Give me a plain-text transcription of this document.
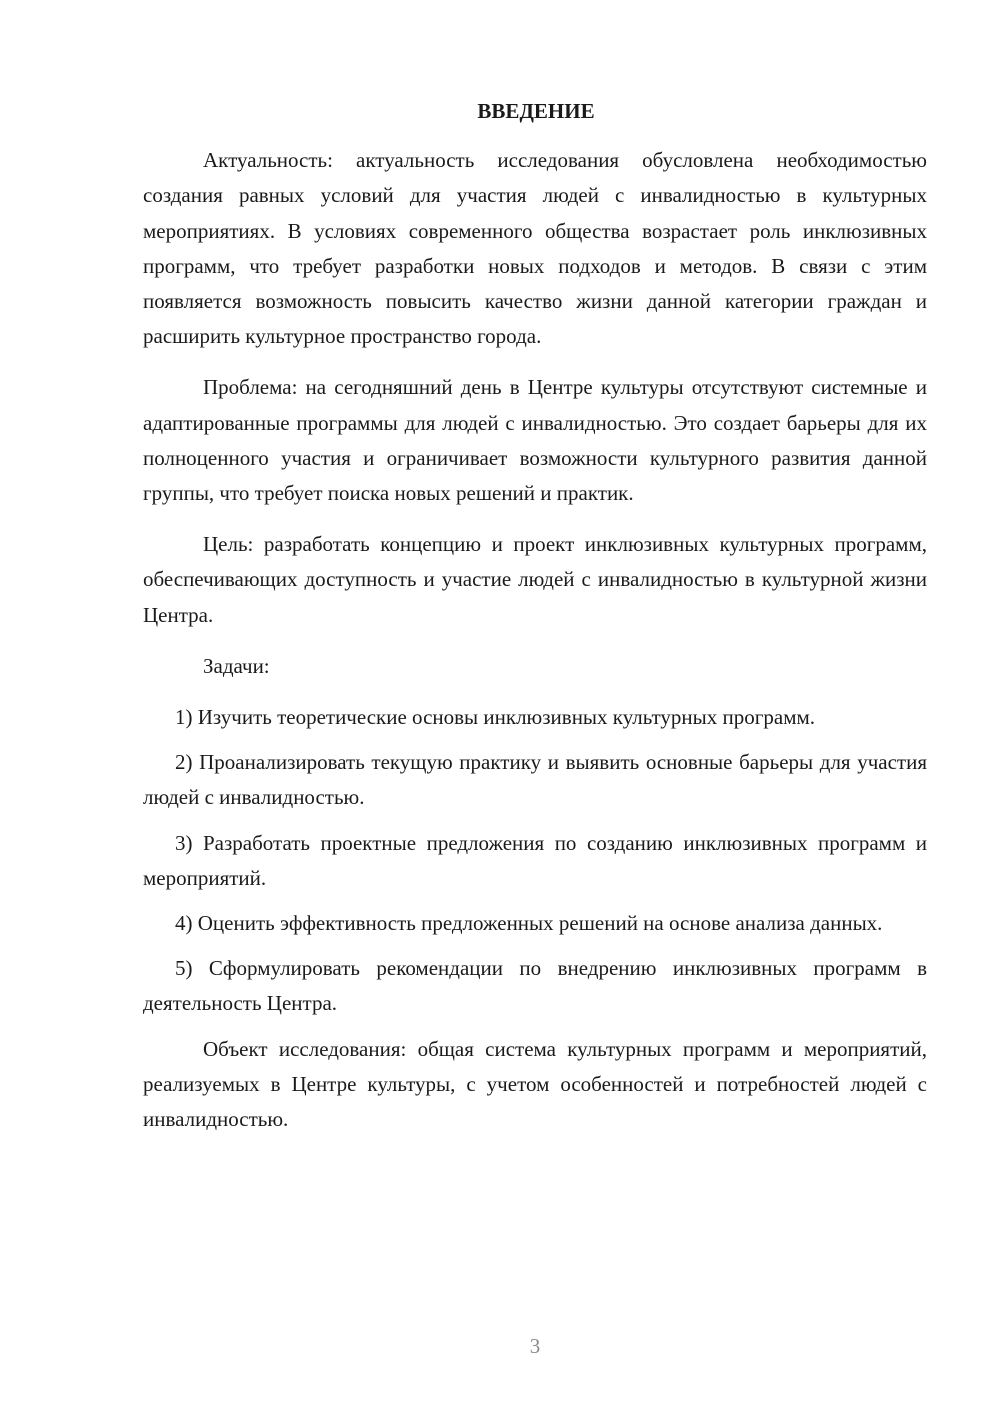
ВВЕДЕНИЕ

Актуальность: актуальность исследования обусловлена необходимостью создания равных условий для участия людей с инвалидностью в культурных мероприятиях. В условиях современного общества возрастает роль инклюзивных программ, что требует разработки новых подходов и методов. В связи с этим появляется возможность повысить качество жизни данной категории граждан и расширить культурное пространство города.

Проблема: на сегодняшний день в Центре культуры отсутствуют системные и адаптированные программы для людей с инвалидностью. Это создает барьеры для их полноценного участия и ограничивает возможности культурного развития данной группы, что требует поиска новых решений и практик.

Цель: разработать концепцию и проект инклюзивных культурных программ, обеспечивающих доступность и участие людей с инвалидностью в культурной жизни Центра.

Задачи:

1) Изучить теоретические основы инклюзивных культурных программ.

2) Проанализировать текущую практику и выявить основные барьеры для участия людей с инвалидностью.

3) Разработать проектные предложения по созданию инклюзивных программ и мероприятий.

4) Оценить эффективность предложенных решений на основе анализа данных.

5) Сформулировать рекомендации по внедрению инклюзивных программ в деятельность Центра.

Объект исследования: общая система культурных программ и мероприятий, реализуемых в Центре культуры, с учетом особенностей и потребностей людей с инвалидностью.

3
